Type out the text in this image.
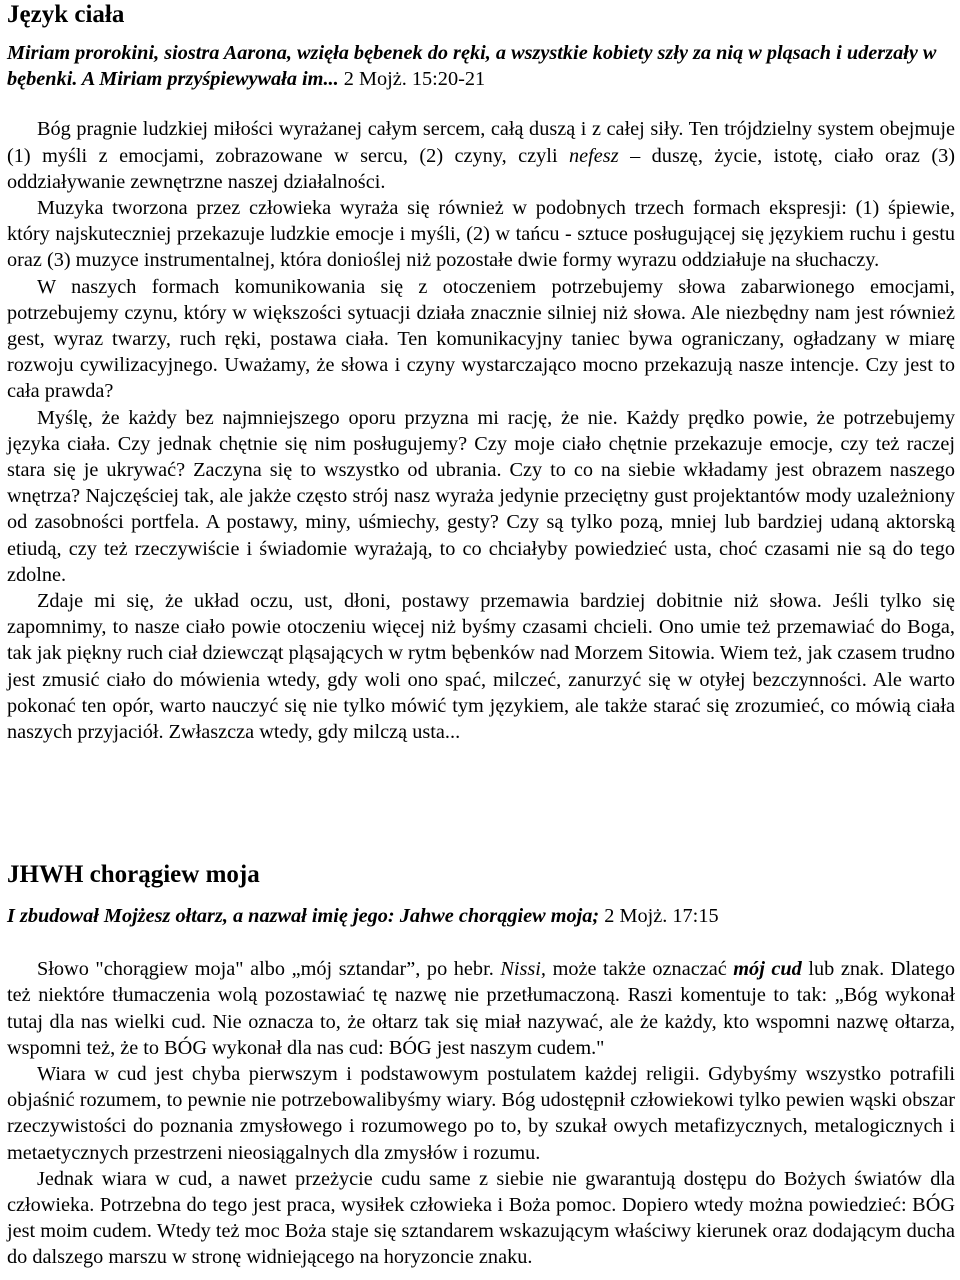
Język ciała

Miriam prorokini, siostra Aarona, wzięła bębenek do ręki, a wszystkie kobiety szły za nią w pląsach i uderzały w bębenki. A Miriam przyśpiewywała im... 2 Mojż. 15:20-21

Bóg pragnie ludzkiej miłości wyrażanej całym sercem, całą duszą i z całej siły. Ten trójdzielny system obejmuje (1) myśli z emocjami, zobrazowane w sercu, (2) czyny, czyli nefesz – duszę, życie, istotę, ciało oraz (3) oddziaływanie zewnętrzne naszej działalności.

Muzyka tworzona przez człowieka wyraża się również w podobnych trzech formach ekspresji: (1) śpiewie, który najskuteczniej przekazuje ludzkie emocje i myśli, (2) w tańcu - sztuce posługującej się językiem ruchu i gestu oraz (3) muzyce instrumentalnej, która donioślej niż pozostałe dwie formy wyrazu oddziałuje na słuchaczy.

W naszych formach komunikowania się z otoczeniem potrzebujemy słowa zabarwionego emocjami, potrzebujemy czynu, który w większości sytuacji działa znacznie silniej niż słowa. Ale niezbędny nam jest również gest, wyraz twarzy, ruch ręki, postawa ciała. Ten komunikacyjny taniec bywa ograniczany, ogładzany w miarę rozwoju cywilizacyjnego. Uważamy, że słowa i czyny wystarczająco mocno przekazują nasze intencje. Czy jest to cała prawda?

Myślę, że każdy bez najmniejszego oporu przyzna mi rację, że nie. Każdy prędko powie, że potrzebujemy języka ciała. Czy jednak chętnie się nim posługujemy? Czy moje ciało chętnie przekazuje emocje, czy też raczej stara się je ukrywać? Zaczyna się to wszystko od ubrania. Czy to co na siebie wkładamy jest obrazem naszego wnętrza? Najczęściej tak, ale jakże często strój nasz wyraża jedynie przeciętny gust projektantów mody uzależniony od zasobności portfela. A postawy, miny, uśmiechy, gesty? Czy są tylko pozą, mniej lub bardziej udaną aktorską etiudą, czy też rzeczywiście i świadomie wyrażają, to co chciałyby powiedzieć usta, choć czasami nie są do tego zdolne.

Zdaje mi się, że układ oczu, ust, dłoni, postawy przemawia bardziej dobitnie niż słowa. Jeśli tylko się zapomnimy, to nasze ciało powie otoczeniu więcej niż byśmy czasami chcieli. Ono umie też przemawiać do Boga, tak jak piękny ruch ciał dziewcząt pląsających w rytm bębenków nad Morzem Sitowia. Wiem też, jak czasem trudno jest zmusić ciało do mówienia wtedy, gdy woli ono spać, milczeć, zanurzyć się w otyłej bezczynności. Ale warto pokonać ten opór, warto nauczyć się nie tylko mówić tym językiem, ale także starać się zrozumieć, co mówią ciała naszych przyjaciół. Zwłaszcza wtedy, gdy milczą usta...

JHWH chorągiew moja

I zbudował Mojżesz ołtarz, a nazwał imię jego: Jahwe chorągiew moja; 2 Mojż. 17:15

Słowo "chorągiew moja" albo „mój sztandar”, po hebr. Nissi, może także oznaczać mój cud lub znak. Dlatego też niektóre tłumaczenia wolą pozostawiać tę nazwę nie przetłumaczoną. Raszi komentuje to tak: „Bóg wykonał tutaj dla nas wielki cud. Nie oznacza to, że ołtarz tak się miał nazywać, ale że każdy, kto wspomni nazwę ołtarza, wspomni też, że to BÓG wykonał dla nas cud: BÓG jest naszym cudem."

Wiara w cud jest chyba pierwszym i podstawowym postulatem każdej religii. Gdybyśmy wszystko potrafili objaśnić rozumem, to pewnie nie potrzebowalibyśmy wiary. Bóg udostępnił człowiekowi tylko pewien wąski obszar rzeczywistości do poznania zmysłowego i rozumowego po to, by szukał owych metafizycznych, metalogicznych i metaetycznych przestrzeni nieosiągalnych dla zmysłów i rozumu.

Jednak wiara w cud, a nawet przeżycie cudu same z siebie nie gwarantują dostępu do Bożych światów dla człowieka. Potrzebna do tego jest praca, wysiłek człowieka i Boża pomoc. Dopiero wtedy można powiedzieć: BÓG jest moim cudem. Wtedy też moc Boża staje się sztandarem wskazującym właściwy kierunek oraz dodającym ducha do dalszego marszu w stronę widniejącego na horyzoncie znaku.
